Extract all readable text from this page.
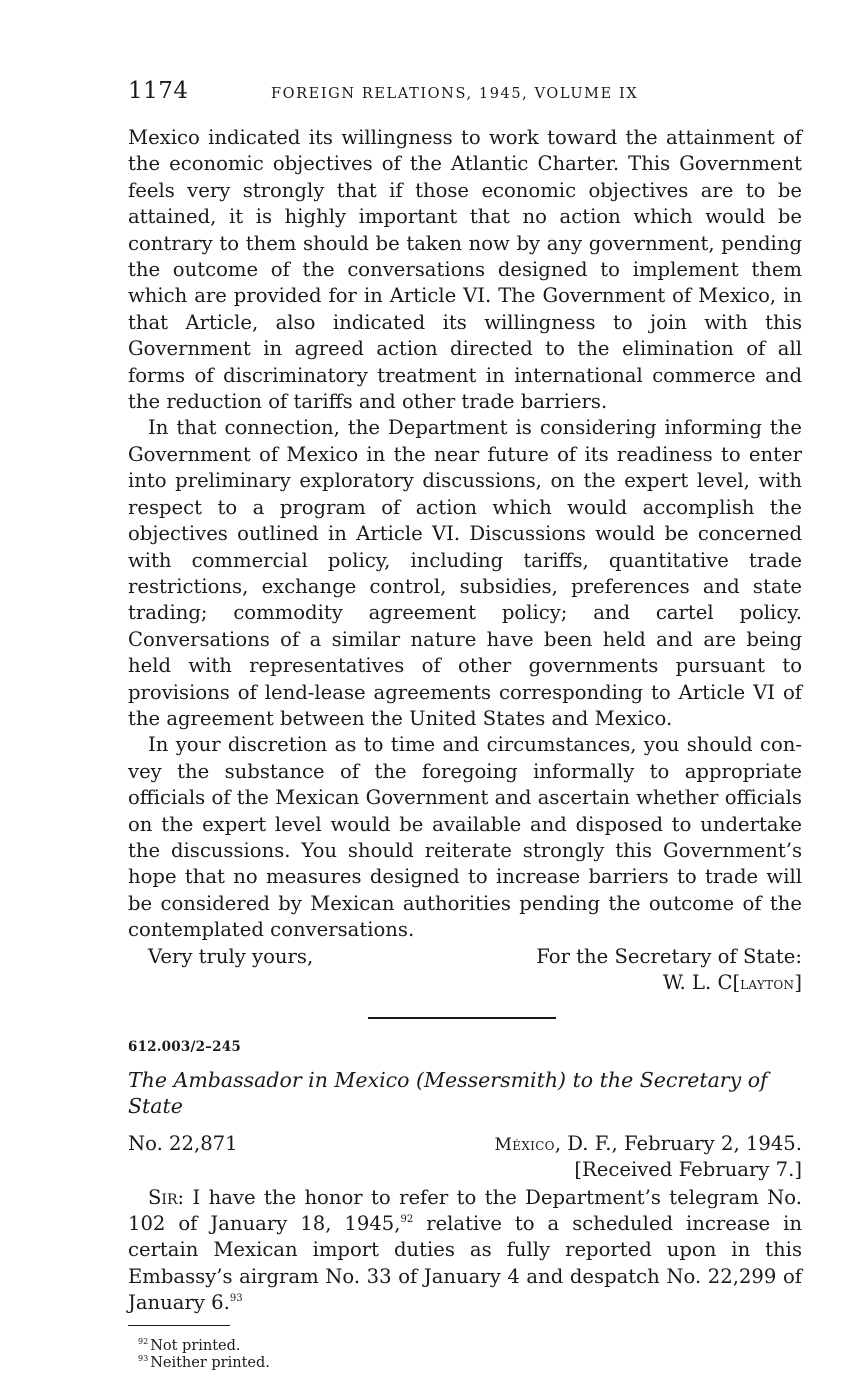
1174	FOREIGN RELATIONS, 1945, VOLUME IX

Mexico indicated its willingness to work toward the attainment of the economic objectives of the Atlantic Charter. This Government feels very strongly that if those economic objectives are to be attained, it is highly important that no action which would be contrary to them should be taken now by any government, pending the outcome of the conversations designed to implement them which are provided for in Article VI. The Government of Mexico, in that Article, also indicated its willingness to join with this Government in agreed action directed to the elimination of all forms of discriminatory treatment in international commerce and the reduction of tariffs and other trade barriers.

In that connection, the Department is considering informing the Government of Mexico in the near future of its readiness to enter into preliminary exploratory discussions, on the expert level, with respect to a program of action which would accomplish the objectives outlined in Article VI. Discussions would be concerned with commercial policy, including tariffs, quantitative trade restrictions, exchange control, subsidies, preferences and state trading; commodity agreement policy; and cartel policy. Conversations of a similar nature have been held and are being held with representatives of other governments pursuant to provisions of lend-lease agreements corresponding to Article VI of the agreement between the United States and Mexico.

In your discretion as to time and circumstances, you should convey the substance of the foregoing informally to appropriate officials of the Mexican Government and ascertain whether officials on the expert level would be available and disposed to undertake the discussions. You should reiterate strongly this Government’s hope that no measures designed to increase barriers to trade will be considered by Mexican authorities pending the outcome of the contemplated conversations.

Very truly yours,	For the Secretary of State:
W. L. C[layton]
612.003/2–245
The Ambassador in Mexico (Messersmith) to the Secretary of State
No. 22,871	México, D. F., February 2, 1945.
[Received February 7.]

Sir: I have the honor to refer to the Department’s telegram No. 102 of January 18, 1945,92 relative to a scheduled increase in certain Mexican import duties as fully reported upon in this Embassy’s airgram No. 33 of January 4 and despatch No. 22,299 of January 6.93

$^{92}$ Not printed.
$^{93}$ Neither printed.
